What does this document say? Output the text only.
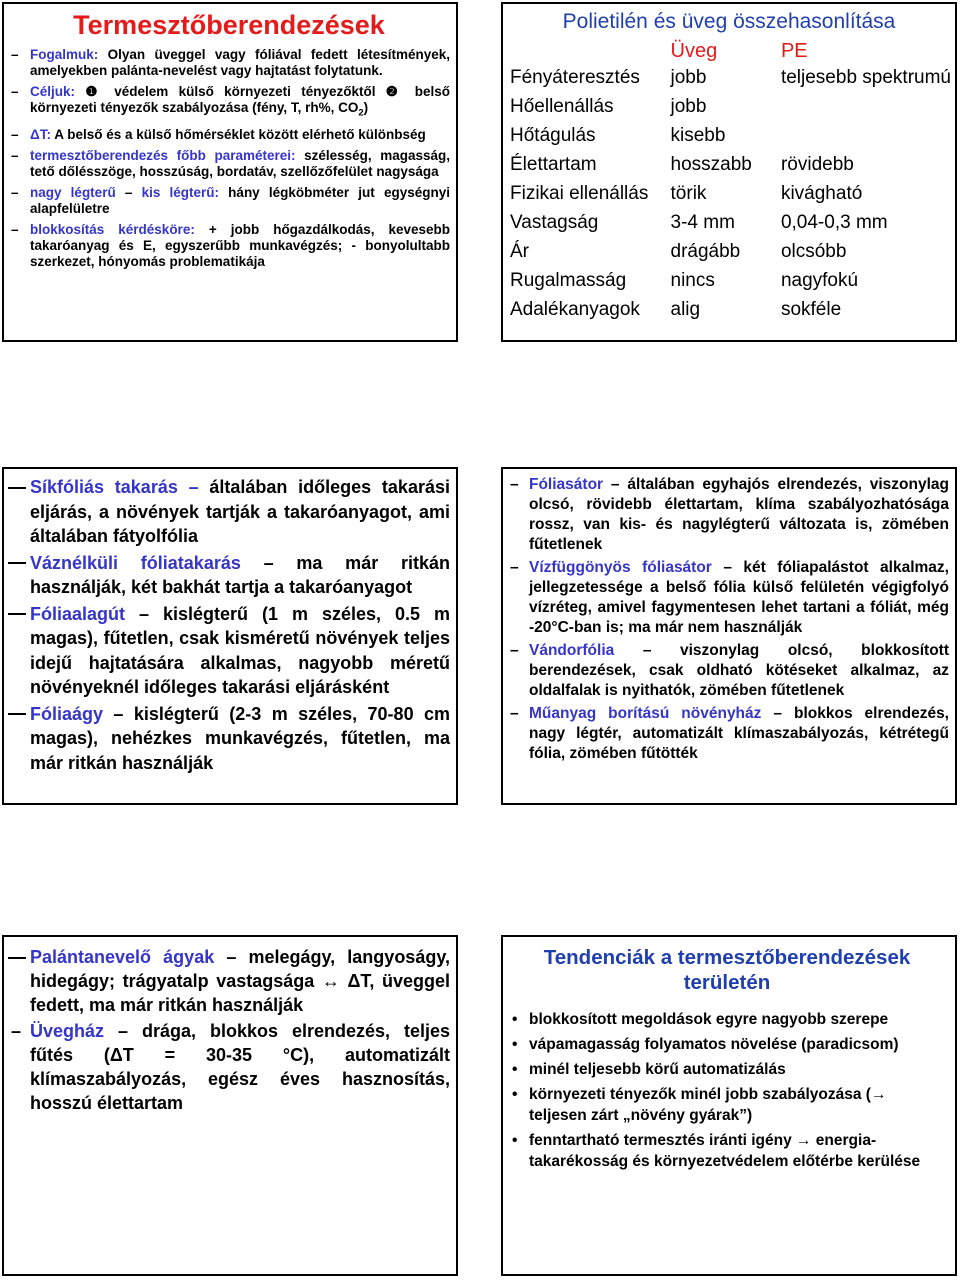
Termesztőberendezések
– Fogalmuk: Olyan üveggel vagy fóliával fedett létesítmények, amelyekben palánta-nevelést vagy hajtatást folytatunk.
– Céljuk: ❶ védelem külső környezeti tényezőktől ❷ belső környezeti tényezők szabályozása (fény, T, rh%, $CO_2$)
– ΔT: A belső és a külső hőmérséklet között elérhető különbség
– termesztőberendezés főbb paraméterei: szélesség, magasság, tető dőlésszöge, hosszúság, bordatáv, szellőzőfelület nagysága
– nagy légterű – kis légterű: hány légköbméter jut egységnyi alapfelületre
– blokkosítás kérdésköre: + jobb hőgazdálkodás, kevesebb takaróanyag és E, egyszerűbb munkavégzés; - bonyolultabb szerkezet, hónyomás problematikája
Polietilén és üveg összehasonlítása
	Üveg	PE
Fényáteresztés	jobb	teljesebb spektrumú
Hőellenállás	jobb	
Hőtágulás	kisebb	
Élettartam	hosszabb	rövidebb
Fizikai ellenállás	törik	kivágható
Vastagság	3-4 mm	0,04-0,3 mm
Ár	drágább	olcsóbb
Rugalmasság	nincs	nagyfokú
Adalékanyagok	alig	sokféle
Síkfóliás takarás – általában időleges takarási eljárás, a növények tartják a takaróanyagot, ami általában fátyolfólia
Váznélküli fóliatakarás – ma már ritkán használják, két bakhát tartja a takaróanyagot
Fóliaalagút – kislégterű (1 m széles, 0.5 m magas), fűtetlen, csak kisméretű növények teljes idejű hajtatására alkalmas, nagyobb méretű növényeknél időleges takarási eljárásként
Fóliaágy – kislégterű (2-3 m széles, 70-80 cm magas), nehézkes munkavégzés, fűtetlen, ma már ritkán használják
– Fóliasátor – általában egyhajós elrendezés, viszonylag olcsó, rövidebb élettartam, klíma szabályozhatósága rossz, van kis- és nagylégterű változata is, zömében fűtetlenek
– Vízfüggönyös fóliasátor – két fóliapalástot alkalmaz, jellegzetessége a belső fólia külső felületén végigfolyó vízréteg, amivel fagymentesen lehet tartani a fóliát, még -20°C-ban is; ma már nem használják
– Vándorfólia – viszonylag olcsó, blokkosított berendezések, csak oldható kötéseket alkalmaz, az oldalfalak is nyithatók, zömében fűtetlenek
– Műanyag borítású növényház – blokkos elrendezés, nagy légtér, automatizált klímaszabályozás, kétrétegű fólia, zömében fűtötték
Palántanevelő ágyak – melegágy, langyoságy, hidegágy; trágyatalp vastagsága ↔ ΔT, üveggel fedett, ma már ritkán használják
– Üvegház – drága, blokkos elrendezés, teljes fűtés (ΔT = 30-35 °C), automatizált klímaszabályozás, egész éves hasznosítás, hosszú élettartam
Tendenciák a termesztőberendezések területén
• blokkosított megoldások egyre nagyobb szerepe
• vápamagasság folyamatos növelése (paradicsom)
• minél teljesebb körű automatizálás
• környezeti tényezők minél jobb szabályozása (→ teljesen zárt „növény gyárak”)
• fenntartható termesztés iránti igény → energia-takarékosság és környezetvédelem előtérbe kerülése
